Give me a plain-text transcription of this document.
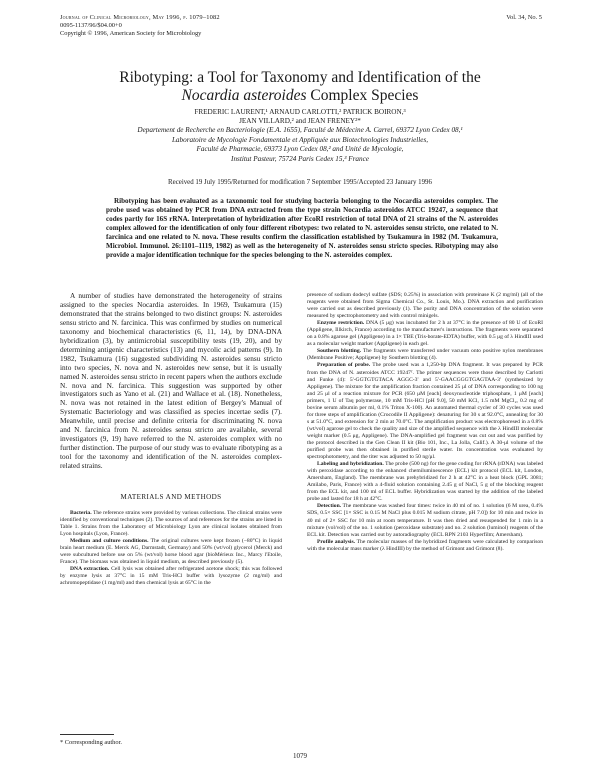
Journal of Clinical Microbiology, May 1996, p. 1079–1082
0095-1137/96/$04.00+0
Copyright © 1996, American Society for Microbiology
Vol. 34, No. 5
Ribotyping: a Tool for Taxonomy and Identification of the
Nocardia asteroides Complex Species
FREDERIC LAURENT,¹ ARNAUD CARLOTTI,² PATRICK BOIRON,³
JEAN VILLARD,² and JEAN FRENEY²*
Departement de Recherche en Bacteriologie (E.A. 1655), Faculté de Médecine A. Carrel, 69372 Lyon Cedex 08,¹
Laboratoire de Mycologie Fondamentale et Appliquée aux Biotechnologies Industrielles,
Faculté de Pharmacie, 69373 Lyon Cedex 08,² and Unité de Mycologie,
Institut Pasteur, 75724 Paris Cedex 15,³ France
Received 19 July 1995/Returned for modification 7 September 1995/Accepted 23 January 1996

Ribotyping has been evaluated as a taxonomic tool for studying bacteria belonging to the Nocardia asteroides complex. The probe used was obtained by PCR from DNA extracted from the type strain Nocardia asteroides ATCC 19247, a sequence that codes partly for 16S rRNA. Interpretation of hybridization after EcoRI restriction of total DNA of 21 strains of the N. asteroides complex allowed for the identification of only four different ribotypes: two related to N. asteroides sensu stricto, one related to N. farcinica and one related to N. nova. These results confirm the classification established by Tsukamura in 1982 (M. Tsukamura, Microbiol. Immunol. 26:1101–1119, 1982) as well as the heterogeneity of N. asteroides sensu stricto species. Ribotyping may also provide a major identification technique for the species belonging to the N. asteroides complex.

A number of studies have demonstrated the heterogeneity of strains assigned to the species Nocardia asteroides. In 1969, Tsukamura (15) demonstrated that the strains belonged to two distinct groups: N. asteroides sensu stricto and N. farcinica. This was confirmed by studies on numerical taxonomy and biochemical characteristics (6, 11, 14), by DNA-DNA hybridization (3), by antimicrobial susceptibility tests (19, 20), and by determining antigenic characteristics (13) and mycolic acid patterns (9). In 1982, Tsukamura (16) suggested subdividing N. asteroides sensu stricto into two species, N. nova and N. asteroides new sense, but it is usually named N. asteroides sensu stricto in recent papers when the authors exclude N. nova and N. farcinica. This suggestion was supported by other investigators such as Yano et al. (21) and Wallace et al. (18). Nonetheless, N. nova was not retained in the latest edition of Bergey's Manual of Systematic Bacteriology and was classified as species incertae sedis (7). Meanwhile, until precise and definite criteria for discriminating N. nova and N. farcinica from N. asteroides sensu stricto are available, several investigators (9, 19) have referred to the N. asteroides complex with no further distinction. The purpose of our study was to evaluate ribotyping as a tool for the taxonomy and identification of the N. asteroides complex-related strains.

MATERIALS AND METHODS

Bacteria. The reference strains were provided by various collections. The clinical strains were identified by conventional techniques (2). The sources of and references for the strains are listed in Table 1. Strains from the Laboratory of Microbiology Lyon are clinical isolates obtained from Lyon hospitals (Lyon, France).

Medium and culture conditions. The original cultures were kept frozen (−80°C) in liquid brain heart medium (E. Merck AG, Darmstadt, Germany) and 50% (wt/vol) glycerol (Merck) and were subcultured before use on 5% (wt/vol) horse blood agar (bioMérieux Inc., Marcy l'Etoile, France). The biomass was obtained in liquid medium, as described previously (5).

DNA extraction. Cell lysis was obtained after refrigerated acetone shock; this was followed by enzyme lysis at 37°C in 15 mM Tris-HCl buffer with lysozyme (2 mg/ml) and achromopeptidase (1 mg/ml) and then chemical lysis at 65°C in the

presence of sodium dodecyl sulfate (SDS; 0.25%) in association with proteinase K (2 mg/ml) (all of the reagents were obtained from Sigma Chemical Co., St. Louis, Mo.). DNA extraction and purification were carried out as described previously (1). The purity and DNA concentration of the solution were measured by spectrophotometry and with control minigels.

Enzyme restriction. DNA (5 μg) was incubated for 2 h at 37°C in the presence of 80 U of EcoRI (Appligene, Illkirch, France) according to the manufacturer's instructions. The fragments were separated on a 0.8% agarose gel (Appligene) in a 1× TBE (Tris-borate-EDTA) buffer, with 0.5 μg of λ HindIII used as a molecular weight marker (Appligene) in each gel.

Southern blotting. The fragments were transferred under vacuum onto positive nylon membranes (Membrane Positive; Appligene) by Southern blotting (4).

Preparation of probe. The probe used was a 1,250-bp DNA fragment. It was prepared by PCR from the DNA of N. asteroides ATCC 19247ᵀ. The primer sequences were those described by Carlotti and Funke (4): 5'-GGTGTGTACA AGGC-3' and 5'-GAACGGGTGAGTAA-3' (synthesized by Appligene). The mixture for the amplification fraction contained 25 μl of DNA corresponding to 100 ng and 25 μl of a reaction mixture for PCR (650 μM [each] deoxynucleotide triphosphate, 1 μM [each] primers, 1 U of Taq polymerase, 10 mM Tris-HCl [pH 9.0], 50 mM KCl, 1.5 mM MgCl₂, 0.2 mg of bovine serum albumin per ml, 0.1% Triton X-100). An automated thermal cycler of 30 cycles was used for three steps of amplification (Crocodile II Appligene): denaturing for 30 s at 92.0°C, annealing for 30 s at 51.0°C, and extension for 2 min at 70.0°C. The amplification product was electrophoresed in a 0.8% (wt/vol) agarose gel to check the quality and size of the amplified sequence with the λ HindIII molecular weight marker (0.5 μg, Appligene). The DNA-amplified gel fragment was cut out and was purified by the protocol described in the Gen Clean II kit (Bio 101, Inc., La Jolla, Calif.). A 30-μl volume of the purified probe was then obtained in purified sterile water. Its concentration was evaluated by spectrophotometry, and the titer was adjusted to 50 ng/μl.

Labeling and hybridization. The probe (500 ng) for the gene coding for rRNA (rDNA) was labeled with peroxidase according to the enhanced chemiluminescence (ECL) kit protocol (ECL kit, London, Amersham, England). The membrane was prehybridized for 2 h at 42°C in a heat block (GPL 3081; Amilabo, Paris, France) with a 4-fluid solution containing 2.45 g of NaCl, 5 g of the blocking reagent from the ECL kit, and 100 ml of ECL buffer. Hybridization was started by the addition of the labeled probe and lasted for 18 h at 42°C.

Detection. The membrane was washed four times: twice in 40 ml of no. 1 solution (6 M urea, 0.4% SDS, 0.5× SSC [1× SSC is 0.15 M NaCl plus 0.015 M sodium citrate, pH 7.0]) for 10 min and twice in 40 ml of 2× SSC for 10 min at room temperature. It was then dried and resuspended for 1 min in a mixture (vol/vol) of the no. 1 solution (peroxidase substrate) and no. 2 solution (luminol) reagents of the ECL kit. Detection was carried out by autoradiography (ECL RPN 2103 Hyperfilm; Amersham).

Profile analysis. The molecular masses of the hybridized fragments were calculated by comparison with the molecular mass marker (λ HindIII) by the method of Grimont and Grimont (8).

* Corresponding author.
1079
